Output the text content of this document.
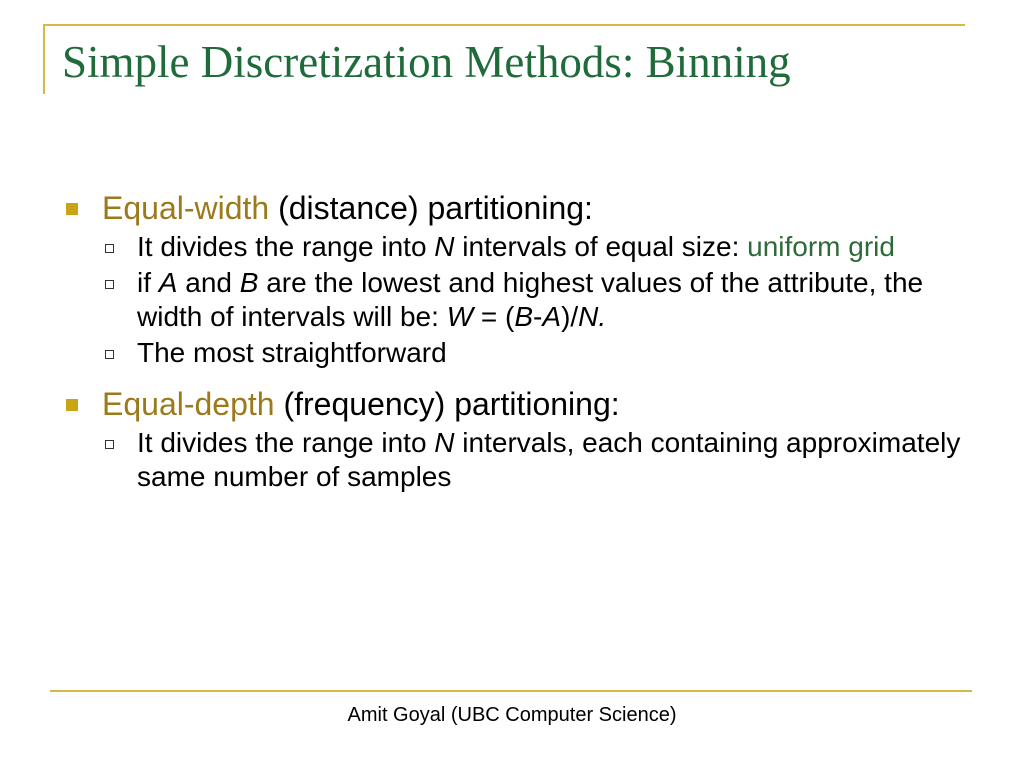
Simple Discretization Methods: Binning
Equal-width (distance) partitioning:
It divides the range into N intervals of equal size: uniform grid
if A and B are the lowest and highest values of the attribute, the width of intervals will be: W = (B-A)/N.
The most straightforward
Equal-depth (frequency) partitioning:
It divides the range into N intervals, each containing approximately same number of samples
Amit Goyal (UBC Computer Science)
